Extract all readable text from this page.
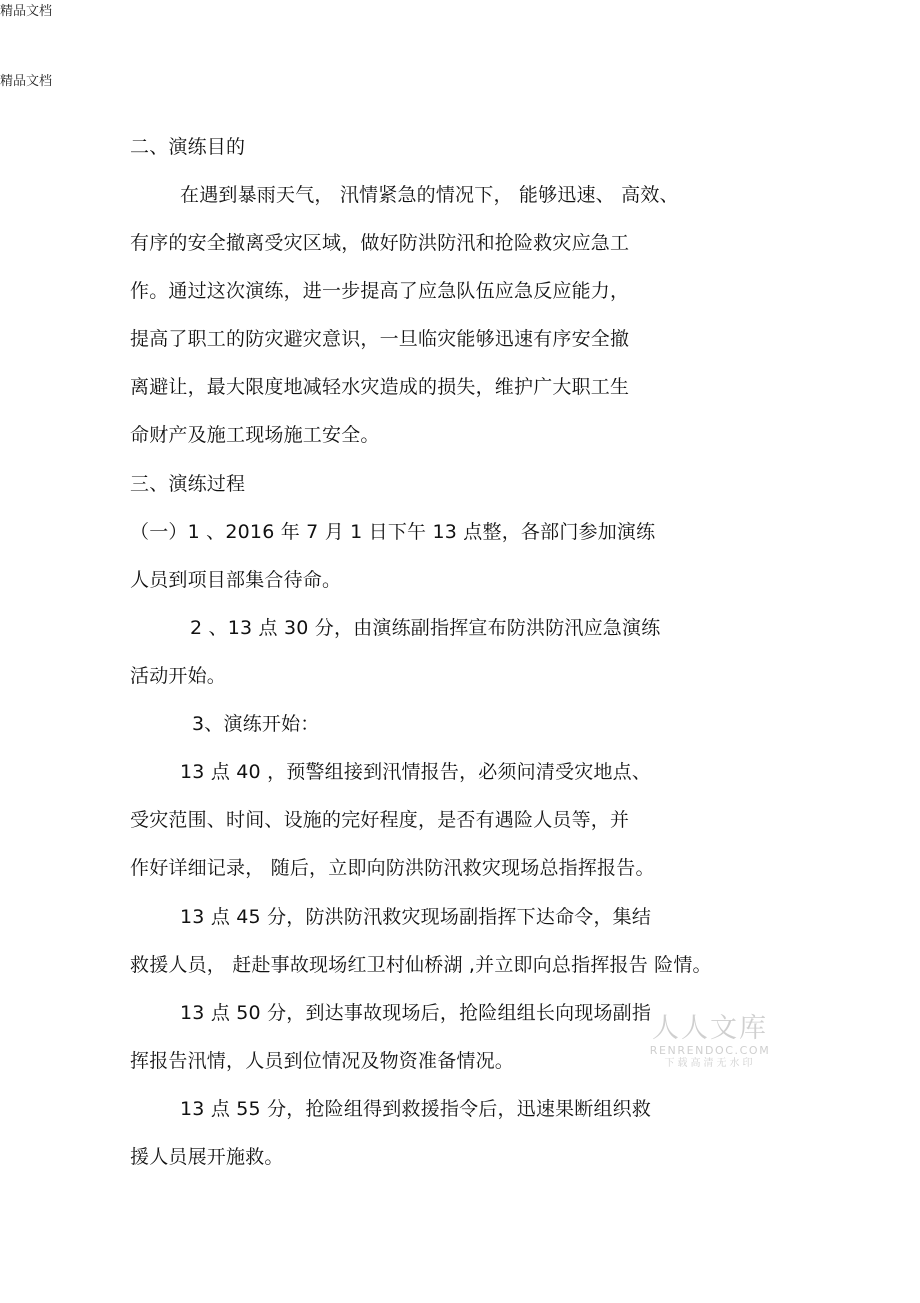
精品文档
精品文档
二、演练目的
在遇到暴雨天气， 汛情紧急的情况下， 能够迅速、 高效、
有序的安全撤离受灾区域，做好防洪防汛和抢险救灾应急工
作。通过这次演练，进一步提高了应急队伍应急反应能力，
提高了职工的防灾避灾意识，一旦临灾能够迅速有序安全撤
离避让，最大限度地减轻水灾造成的损失，维护广大职工生
命财产及施工现场施工安全。
三、演练过程
（一）1 、2016 年 7 月 1 日下午 13 点整，各部门参加演练
人员到项目部集合待命。
2 、13 点 30 分，由演练副指挥宣布防洪防汛应急演练
活动开始。
3、演练开始：
13 点 40 ，预警组接到汛情报告，必须问清受灾地点、
受灾范围、时间、设施的完好程度，是否有遇险人员等，并
作好详细记录， 随后，立即向防洪防汛救灾现场总指挥报告。
13 点 45 分，防洪防汛救灾现场副指挥下达命令，集结
救援人员， 赶赴事故现场红卫村仙桥湖 ,并立即向总指挥报告 险情。
13 点 50 分，到达事故现场后，抢险组组长向现场副指
挥报告汛情，人员到位情况及物资准备情况。
13 点 55 分，抢险组得到救援指令后，迅速果断组织救
援人员展开施救。
人人文库
RENRENDOC.COM
下载高清无水印
